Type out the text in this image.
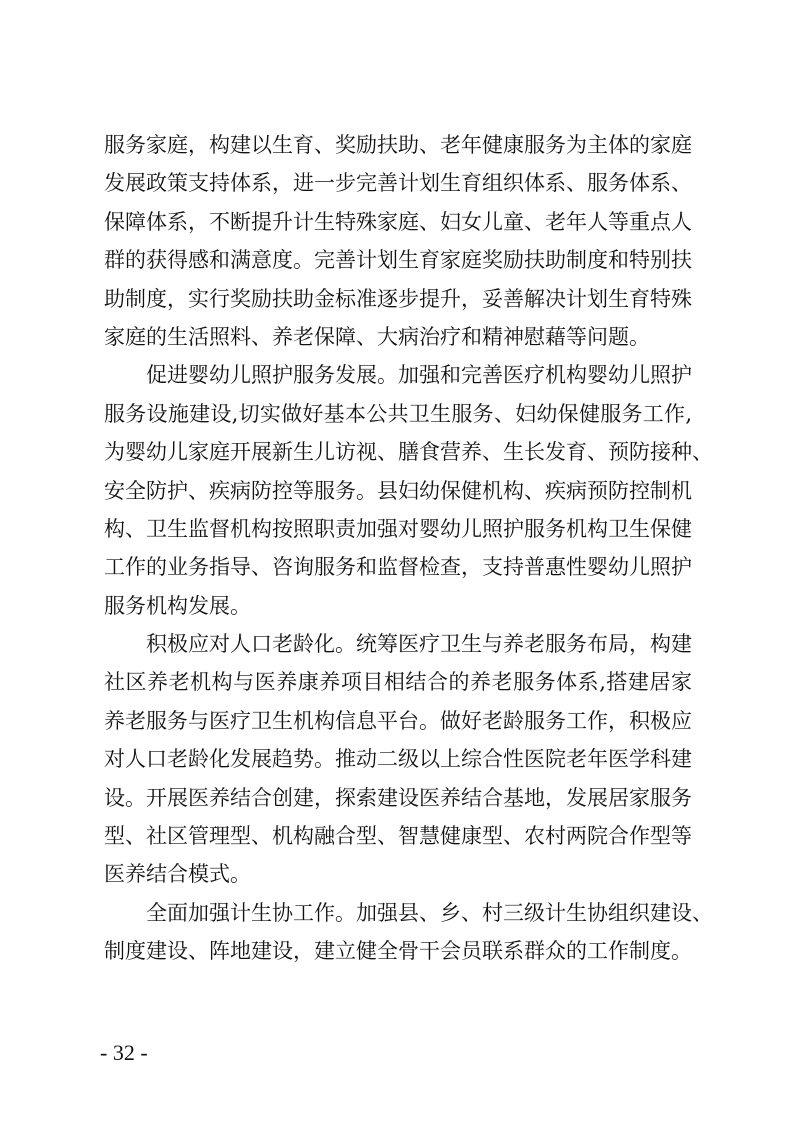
服务家庭，构建以生育、奖励扶助、老年健康服务为主体的家庭
发展政策支持体系，进一步完善计划生育组织体系、服务体系、
保障体系，不断提升计生特殊家庭、妇女儿童、老年人等重点人
群的获得感和满意度。完善计划生育家庭奖励扶助制度和特别扶
助制度，实行奖励扶助金标准逐步提升，妥善解决计划生育特殊
家庭的生活照料、养老保障、大病治疗和精神慰藉等问题。
促进婴幼儿照护服务发展。加强和完善医疗机构婴幼儿照护
服务设施建设,切实做好基本公共卫生服务、妇幼保健服务工作,
为婴幼儿家庭开展新生儿访视、膳食营养、生长发育、预防接种、
安全防护、疾病防控等服务。县妇幼保健机构、疾病预防控制机
构、卫生监督机构按照职责加强对婴幼儿照护服务机构卫生保健
工作的业务指导、咨询服务和监督检查，支持普惠性婴幼儿照护
服务机构发展。
积极应对人口老龄化。统筹医疗卫生与养老服务布局，构建
社区养老机构与医养康养项目相结合的养老服务体系,搭建居家
养老服务与医疗卫生机构信息平台。做好老龄服务工作，积极应
对人口老龄化发展趋势。推动二级以上综合性医院老年医学科建
设。开展医养结合创建，探索建设医养结合基地，发展居家服务
型、社区管理型、机构融合型、智慧健康型、农村两院合作型等
医养结合模式。
全面加强计生协工作。加强县、乡、村三级计生协组织建设、
制度建设、阵地建设，建立健全骨干会员联系群众的工作制度。
- 32 -
